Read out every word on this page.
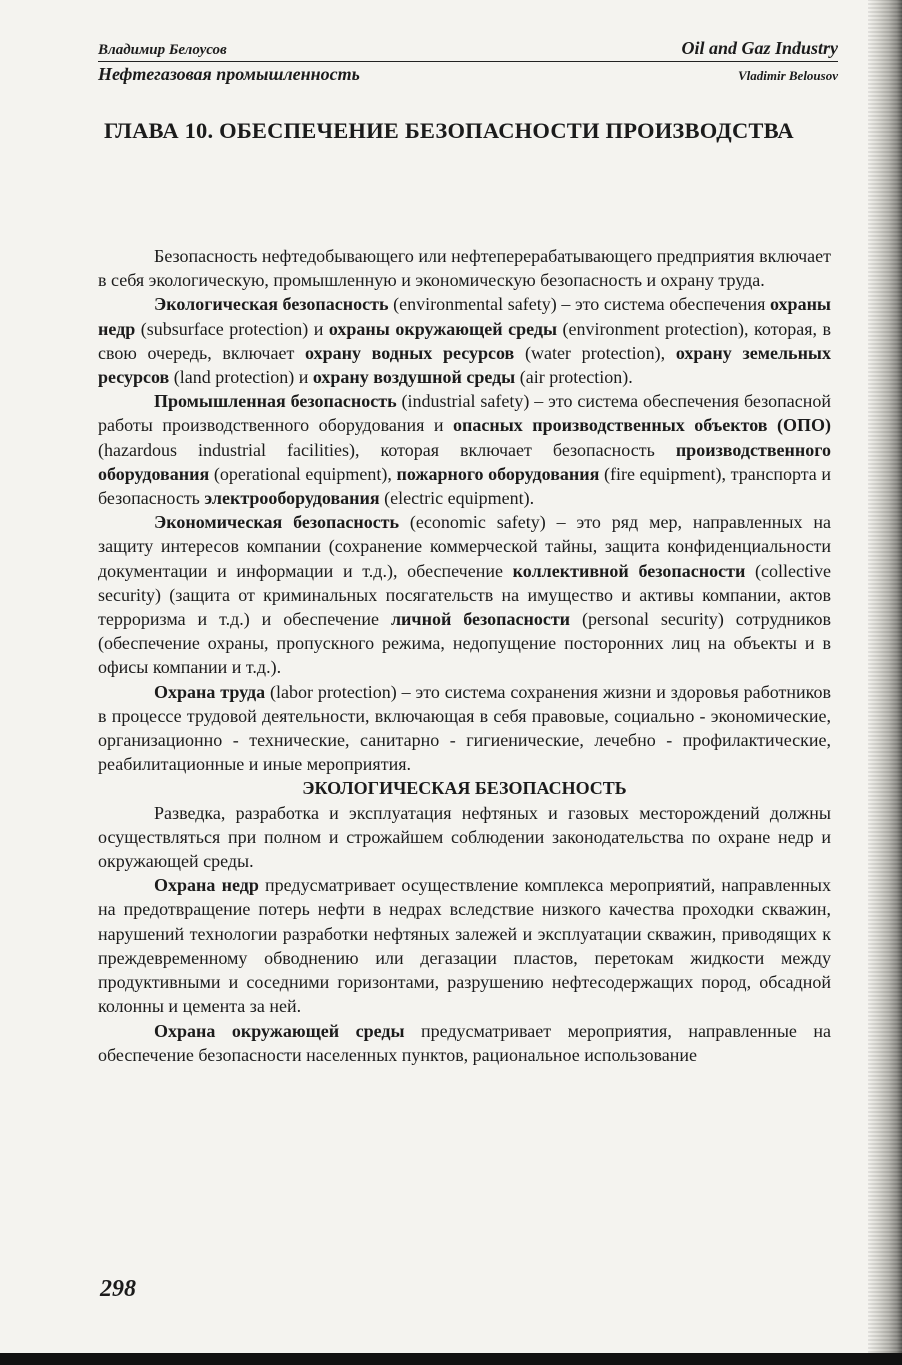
Владимир Белоусов	Oil and Gaz Industry
Нефтегазовая промышленность	Vladimir Belousov
ГЛАВА 10. ОБЕСПЕЧЕНИЕ БЕЗОПАСНОСТИ ПРОИЗВОДСТВА

Безопасность нефтедобывающего или нефтеперерабатывающего предприятия включает в себя экологическую, промышленную и экономическую безопасность и охрану труда.

Экологическая безопасность (environmental safety) – это система обеспечения охраны недр (subsurface protection) и охраны окружающей среды (environment protection), которая, в свою очередь, включает охрану водных ресурсов (water protection), охрану земельных ресурсов (land protection) и охрану воздушной среды (air protection).

Промышленная безопасность (industrial safety) – это система обеспечения безопасной работы производственного оборудования и опасных производственных объектов (ОПО) (hazardous industrial facilities), которая включает безопасность производственного оборудования (operational equipment), пожарного оборудования (fire equipment), транспорта и безопасность электрооборудования (electric equipment).

Экономическая безопасность (economic safety) – это ряд мер, направленных на защиту интересов компании (сохранение коммерческой тайны, защита конфиденциальности документации и информации и т.д.), обеспечение коллективной безопасности (collective security) (защита от криминальных посягательств на имущество и активы компании, актов терроризма и т.д.) и обеспечение личной безопасности (personal security) сотрудников (обеспечение охраны, пропускного режима, недопущение посторонних лиц на объекты и в офисы компании и т.д.).

Охрана труда (labor protection) – это система сохранения жизни и здоровья работников в процессе трудовой деятельности, включающая в себя правовые, социально - экономические, организационно - технические, санитарно - гигиенические, лечебно - профилактические, реабилитационные и иные мероприятия.

ЭКОЛОГИЧЕСКАЯ БЕЗОПАСНОСТЬ

Разведка, разработка и эксплуатация нефтяных и газовых месторождений должны осуществляться при полном и строжайшем соблюдении законодательства по охране недр и окружающей среды.

Охрана недр предусматривает осуществление комплекса мероприятий, направленных на предотвращение потерь нефти в недрах вследствие низкого качества проходки скважин, нарушений технологии разработки нефтяных залежей и эксплуатации скважин, приводящих к преждевременному обводнению или дегазации пластов, перетокам жидкости между продуктивными и соседними горизонтами, разрушению нефтесодержащих пород, обсадной колонны и цемента за ней.

Охрана окружающей среды предусматривает мероприятия, направленные на обеспечение безопасности населенных пунктов, рациональное использование

298
